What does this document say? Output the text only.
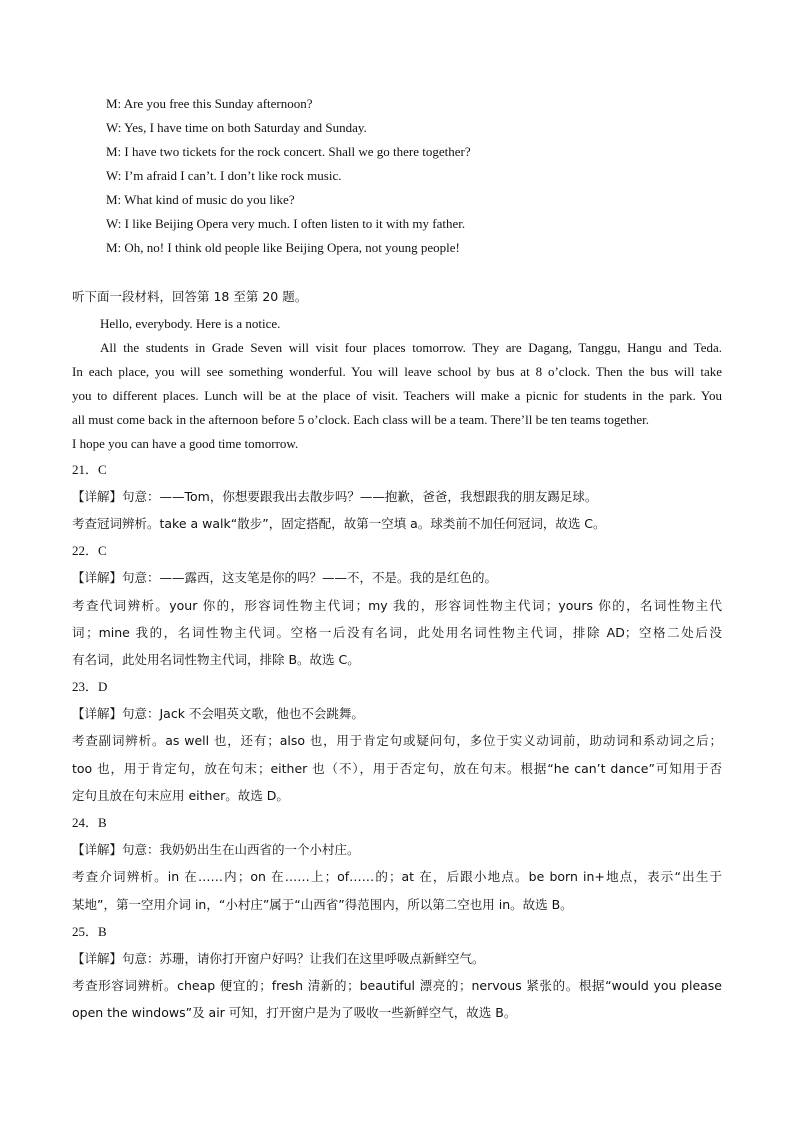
M: Are you free this Sunday afternoon?
W: Yes, I have time on both Saturday and Sunday.
M: I have two tickets for the rock concert. Shall we go there together?
W: I’m afraid I can’t. I don’t like rock music.
M: What kind of music do you like?
W: I like Beijing Opera very much. I often listen to it with my father.
M: Oh, no! I think old people like Beijing Opera, not young people!
听下面一段材料，回答第 18 至第 20 题。
Hello, everybody. Here is a notice.
All the students in Grade Seven will visit four places tomorrow. They are Dagang, Tanggu, Hangu and Teda.
In each place, you will see something wonderful. You will leave school by bus at 8 o’clock. Then the bus will take
you to different places. Lunch will be at the place of visit. Teachers will make a picnic for students in the park. You
all must come back in the afternoon before 5 o’clock. Each class will be a team. There’ll be ten teams together.
I hope you can have a good time tomorrow.
21．C
【详解】句意：——Tom，你想要跟我出去散步吗？——抱歉，爸爸，我想跟我的朋友踢足球。
考查冠词辨析。take a walk“散步”，固定搭配，故第一空填 a。球类前不加任何冠词，故选 C。
22．C
【详解】句意：——露西，这支笔是你的吗？——不，不是。我的是红色的。
考查代词辨析。your 你的，形容词性物主代词；my 我的，形容词性物主代词；yours 你的，名词性物主代
词；mine 我的，名词性物主代词。空格一后没有名词，此处用名词性物主代词，排除 AD；空格二处后没
有名词，此处用名词性物主代词，排除 B。故选 C。
23．D
【详解】句意：Jack 不会唱英文歌，他也不会跳舞。
考查副词辨析。as well 也，还有；also 也，用于肯定句或疑问句，多位于实义动词前，助动词和系动词之后；
too 也，用于肯定句，放在句末；either 也（不），用于否定句，放在句末。根据“he can’t dance”可知用于否
定句且放在句末应用 either。故选 D。
24．B
【详解】句意：我奶奶出生在山西省的一个小村庄。
考查介词辨析。in 在……内；on 在……上；of……的；at 在，后跟小地点。be born in+地点，表示“出生于
某地”，第一空用介词 in，“小村庄”属于“山西省”得范围内，所以第二空也用 in。故选 B。
25．B
【详解】句意：苏珊，请你打开窗户好吗？让我们在这里呼吸点新鲜空气。
考查形容词辨析。cheap 便宜的；fresh 清新的；beautiful 漂亮的；nervous 紧张的。根据“would you please
open the windows”及 air 可知，打开窗户是为了吸收一些新鲜空气，故选 B。
